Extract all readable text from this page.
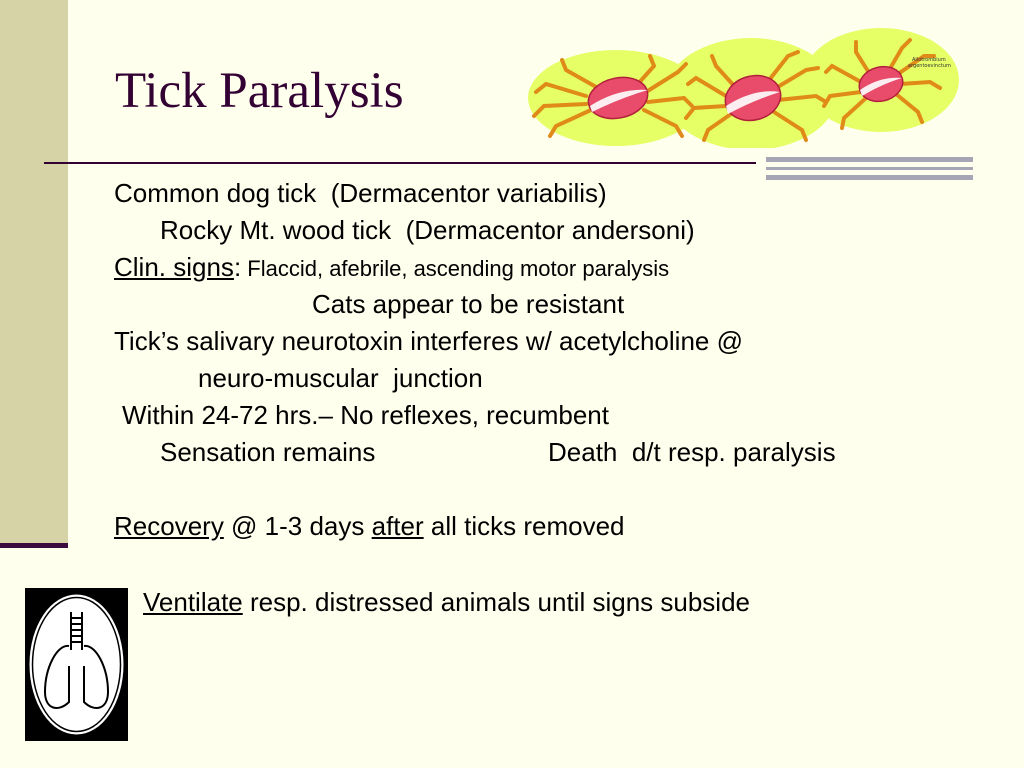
Tick Paralysis
Allotrombium
argentoevinctum
Common dog tick  (Dermacentor variabilis)
Rocky Mt. wood tick  (Dermacentor andersoni)
Clin. signs: Flaccid, afebrile, ascending motor paralysis
Cats appear to be resistant
Tick’s salivary neurotoxin interferes w/ acetylcholine @
neuro-muscular  junction
Within 24-72 hrs.– No reflexes, recumbent
Sensation remains	Death  d/t resp. paralysis
Recovery @ 1-3 days after all ticks removed
Ventilate resp. distressed animals until signs subside
